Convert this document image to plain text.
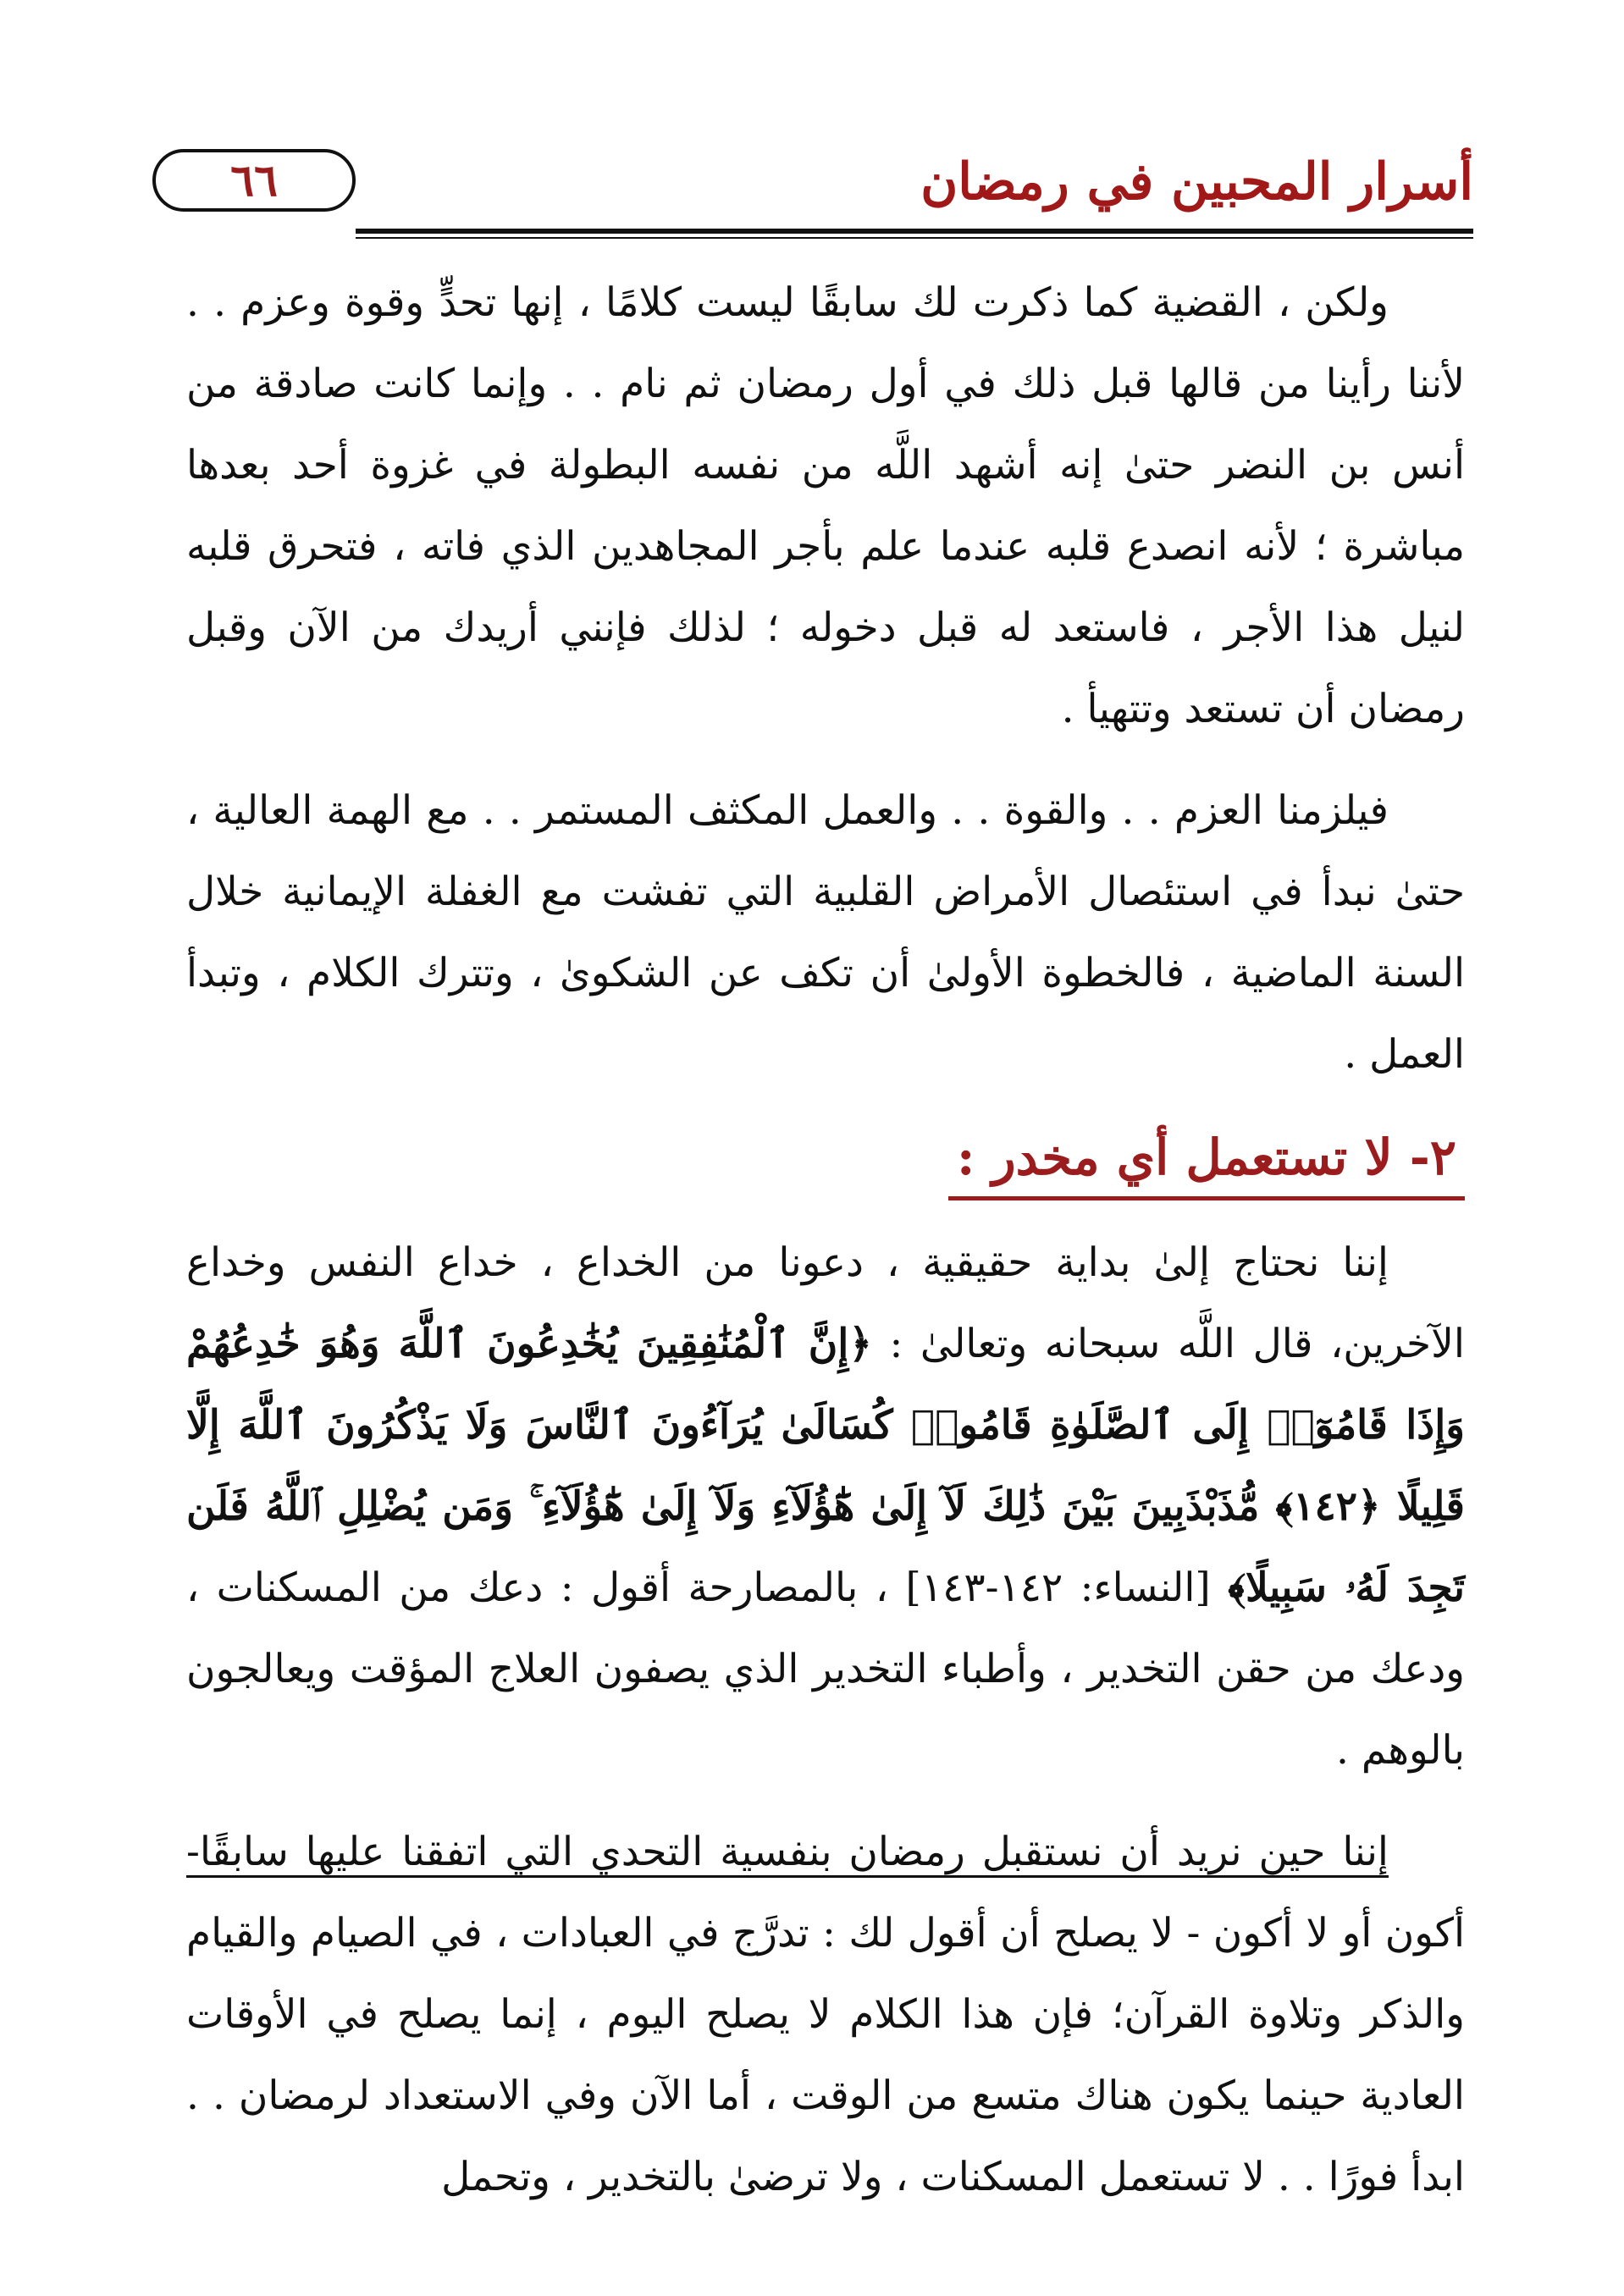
٦٦	أسرار المحبين في رمضان

ولكن ، القضية كما ذكرت لك سابقًا ليست كلامًا ، إنها تحدٍّ وقوة وعزم . . لأننا رأينا من قالها قبل ذلك في أول رمضان ثم نام . . وإنما كانت صادقة من أنس بن النضر حتىٰ إنه أشهد اللَّه من نفسه البطولة في غزوة أحد بعدها مباشرة ؛ لأنه انصدع قلبه عندما علم بأجر المجاهدين الذي فاته ، فتحرق قلبه لنيل هذا الأجر ، فاستعد له قبل دخوله ؛ لذلك فإنني أريدك من الآن وقبل رمضان أن تستعد وتتهيأ .

فيلزمنا العزم . . والقوة . . والعمل المكثف المستمر . . مع الهمة العالية ، حتىٰ نبدأ في استئصال الأمراض القلبية التي تفشت مع الغفلة الإيمانية خلال السنة الماضية ، فالخطوة الأولىٰ أن تكف عن الشكوىٰ ، وتترك الكلام ، وتبدأ العمل .

٢- لا تستعمل أي مخدر :

إننا نحتاج إلىٰ بداية حقيقية ، دعونا من الخداع ، خداع النفس وخداع الآخرين، قال اللَّه سبحانه وتعالىٰ : ﴿إِنَّ ٱلْمُنَٰفِقِينَ يُخَٰدِعُونَ ٱللَّهَ وَهُوَ خَٰدِعُهُمْ وَإِذَا قَامُوٓا۟ إِلَى ٱلصَّلَوٰةِ قَامُوا۟ كُسَالَىٰ يُرَآءُونَ ٱلنَّاسَ وَلَا يَذْكُرُونَ ٱللَّهَ إِلَّا قَلِيلًا ﴿١٤٢﴾ مُّذَبْذَبِينَ بَيْنَ ذَٰلِكَ لَآ إِلَىٰ هَٰٓؤُلَآءِ وَلَآ إِلَىٰ هَٰٓؤُلَآءِ ۚ وَمَن يُضْلِلِ ٱللَّهُ فَلَن تَجِدَ لَهُۥ سَبِيلًا﴾ [النساء: ١٤٢-١٤٣] ، بالمصارحة أقول : دعك من المسكنات ، ودعك من حقن التخدير ، وأطباء التخدير الذي يصفون العلاج المؤقت ويعالجون بالوهم .

إننا حين نريد أن نستقبل رمضان بنفسية التحدي التي اتفقنا عليها سابقًا- أكون أو لا أكون - لا يصلح أن أقول لك : تدرَّج في العبادات ، في الصيام والقيام والذكر وتلاوة القرآن؛ فإن هذا الكلام لا يصلح اليوم ، إنما يصلح في الأوقات العادية حينما يكون هناك متسع من الوقت ، أما الآن وفي الاستعداد لرمضان . . ابدأ فورًا . . لا تستعمل المسكنات ، ولا ترضىٰ بالتخدير ، وتحمل
